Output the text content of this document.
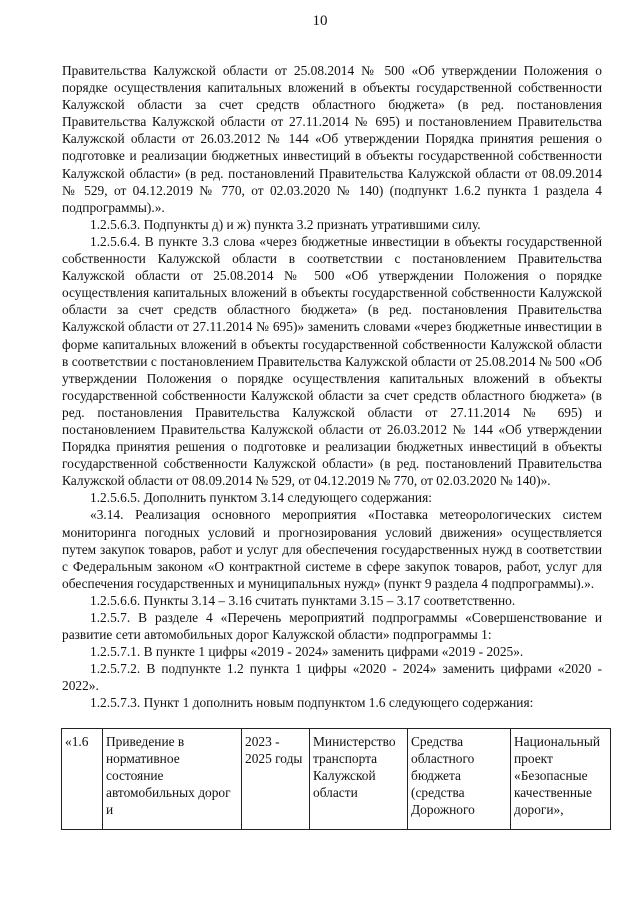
10

Правительства Калужской области от 25.08.2014 № 500 «Об утверждении Положения о порядке осуществления капитальных вложений в объекты государственной собственности Калужской области за счет средств областного бюджета» (в ред. постановления Правительства Калужской области от 27.11.2014 № 695) и постановлением Правительства Калужской области от 26.03.2012 № 144 «Об утверждении Порядка принятия решения о подготовке и реализации бюджетных инвестиций в объекты государственной собственности Калужской области» (в ред. постановлений Правительства Калужской области от 08.09.2014 № 529, от 04.12.2019 № 770, от 02.03.2020 № 140) (подпункт 1.6.2 пункта 1 раздела 4 подпрограммы).».

1.2.5.6.3. Подпункты д) и ж) пункта 3.2 признать утратившими силу.

1.2.5.6.4. В пункте 3.3 слова «через бюджетные инвестиции в объекты государственной собственности Калужской области в соответствии с постановлением Правительства Калужской области от 25.08.2014 № 500 «Об утверждении Положения о порядке осуществления капитальных вложений в объекты государственной собственности Калужской области за счет средств областного бюджета» (в ред. постановления Правительства Калужской области от 27.11.2014 № 695)» заменить словами «через бюджетные инвестиции в форме капитальных вложений в объекты государственной собственности Калужской области в соответствии с постановлением Правительства Калужской области от 25.08.2014 № 500 «Об утверждении Положения о порядке осуществления капитальных вложений в объекты государственной собственности Калужской области за счет средств областного бюджета» (в ред. постановления Правительства Калужской области от 27.11.2014 № 695) и постановлением Правительства Калужской области от 26.03.2012 № 144 «Об утверждении Порядка принятия решения о подготовке и реализации бюджетных инвестиций в объекты государственной собственности Калужской области» (в ред. постановлений Правительства Калужской области от 08.09.2014 № 529, от 04.12.2019 № 770, от 02.03.2020 № 140)».

1.2.5.6.5. Дополнить пунктом 3.14 следующего содержания:

«3.14. Реализация основного мероприятия «Поставка метеорологических систем мониторинга погодных условий и прогнозирования условий движения» осуществляется путем закупок товаров, работ и услуг для обеспечения государственных нужд в соответствии с Федеральным законом «О контрактной системе в сфере закупок товаров, работ, услуг для обеспечения государственных и муниципальных нужд» (пункт 9 раздела 4 подпрограммы).».

1.2.5.6.6. Пункты 3.14 – 3.16 считать пунктами 3.15 – 3.17 соответственно.

1.2.5.7. В разделе 4 «Перечень мероприятий подпрограммы «Совершенствование и развитие сети автомобильных дорог Калужской области» подпрограммы 1:

1.2.5.7.1. В пункте 1 цифры «2019 - 2024» заменить цифрами «2019 - 2025».

1.2.5.7.2. В подпункте 1.2 пункта 1 цифры «2020 - 2024» заменить цифрами «2020 - 2022».

1.2.5.7.3. Пункт 1 дополнить новым подпунктом 1.6 следующего содержания:

«1.6	Приведение в нормативное состояние автомобильных дорог и	2023 - 2025 годы	Министерство транспорта Калужской области	Средства областного бюджета (средства Дорожного	Национальный проект «Безопасные качественные дороги»,
